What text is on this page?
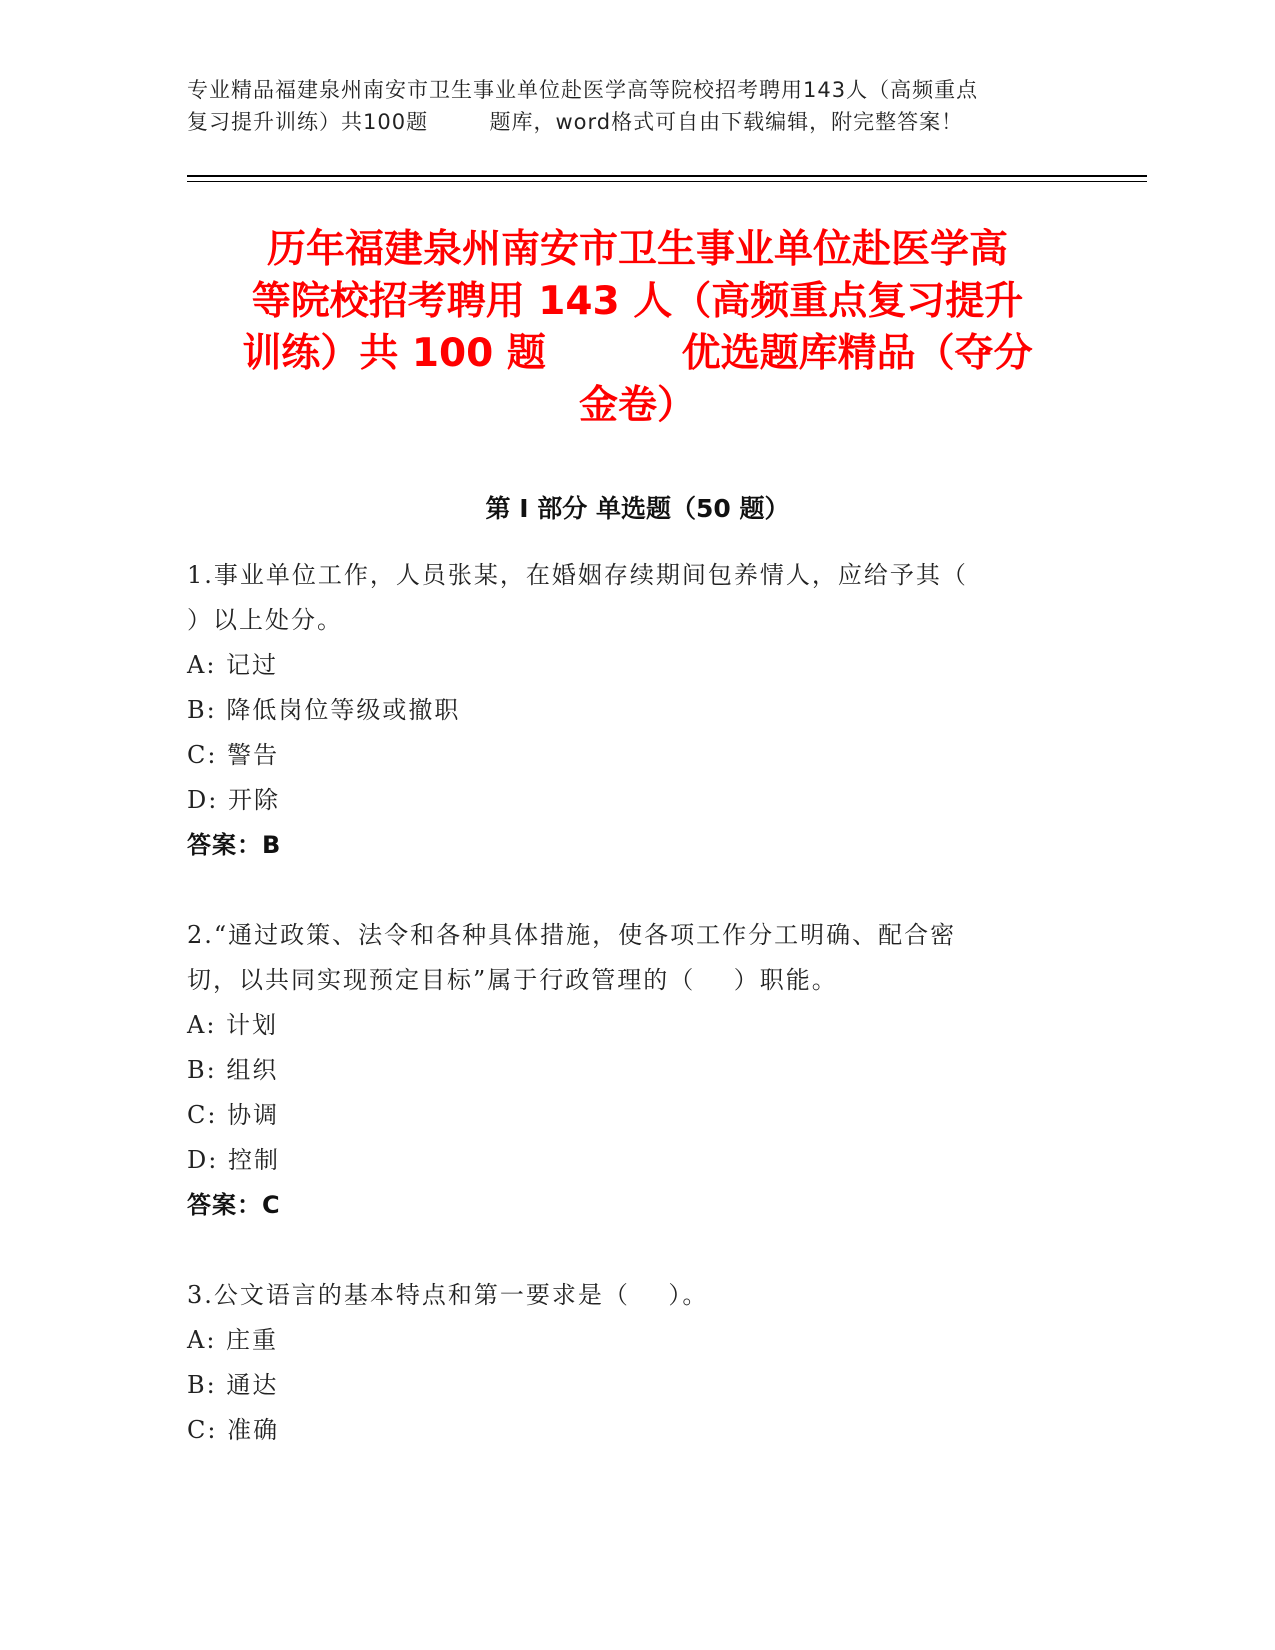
专业精品福建泉州南安市卫生事业单位赴医学高等院校招考聘用143人（高频重点
复习提升训练）共100题        题库，word格式可自由下载编辑，附完整答案！
历年福建泉州南安市卫生事业单位赴医学高
等院校招考聘用 143 人（高频重点复习提升
训练）共 100 题          优选题库精品（夺分
金卷）
第 I 部分 单选题（50 题）
1.事业单位工作，人员张某，在婚姻存续期间包养情人，应给予其（
）以上处分。
A: 记过
B: 降低岗位等级或撤职
C: 警告
D: 开除
答案：B
2.“通过政策、法令和各种具体措施，使各项工作分工明确、配合密
切，以共同实现预定目标”属于行政管理的（    ）职能。
A: 计划
B: 组织
C: 协调
D: 控制
答案：C
3.公文语言的基本特点和第一要求是（    ）。
A: 庄重
B: 通达
C: 准确
